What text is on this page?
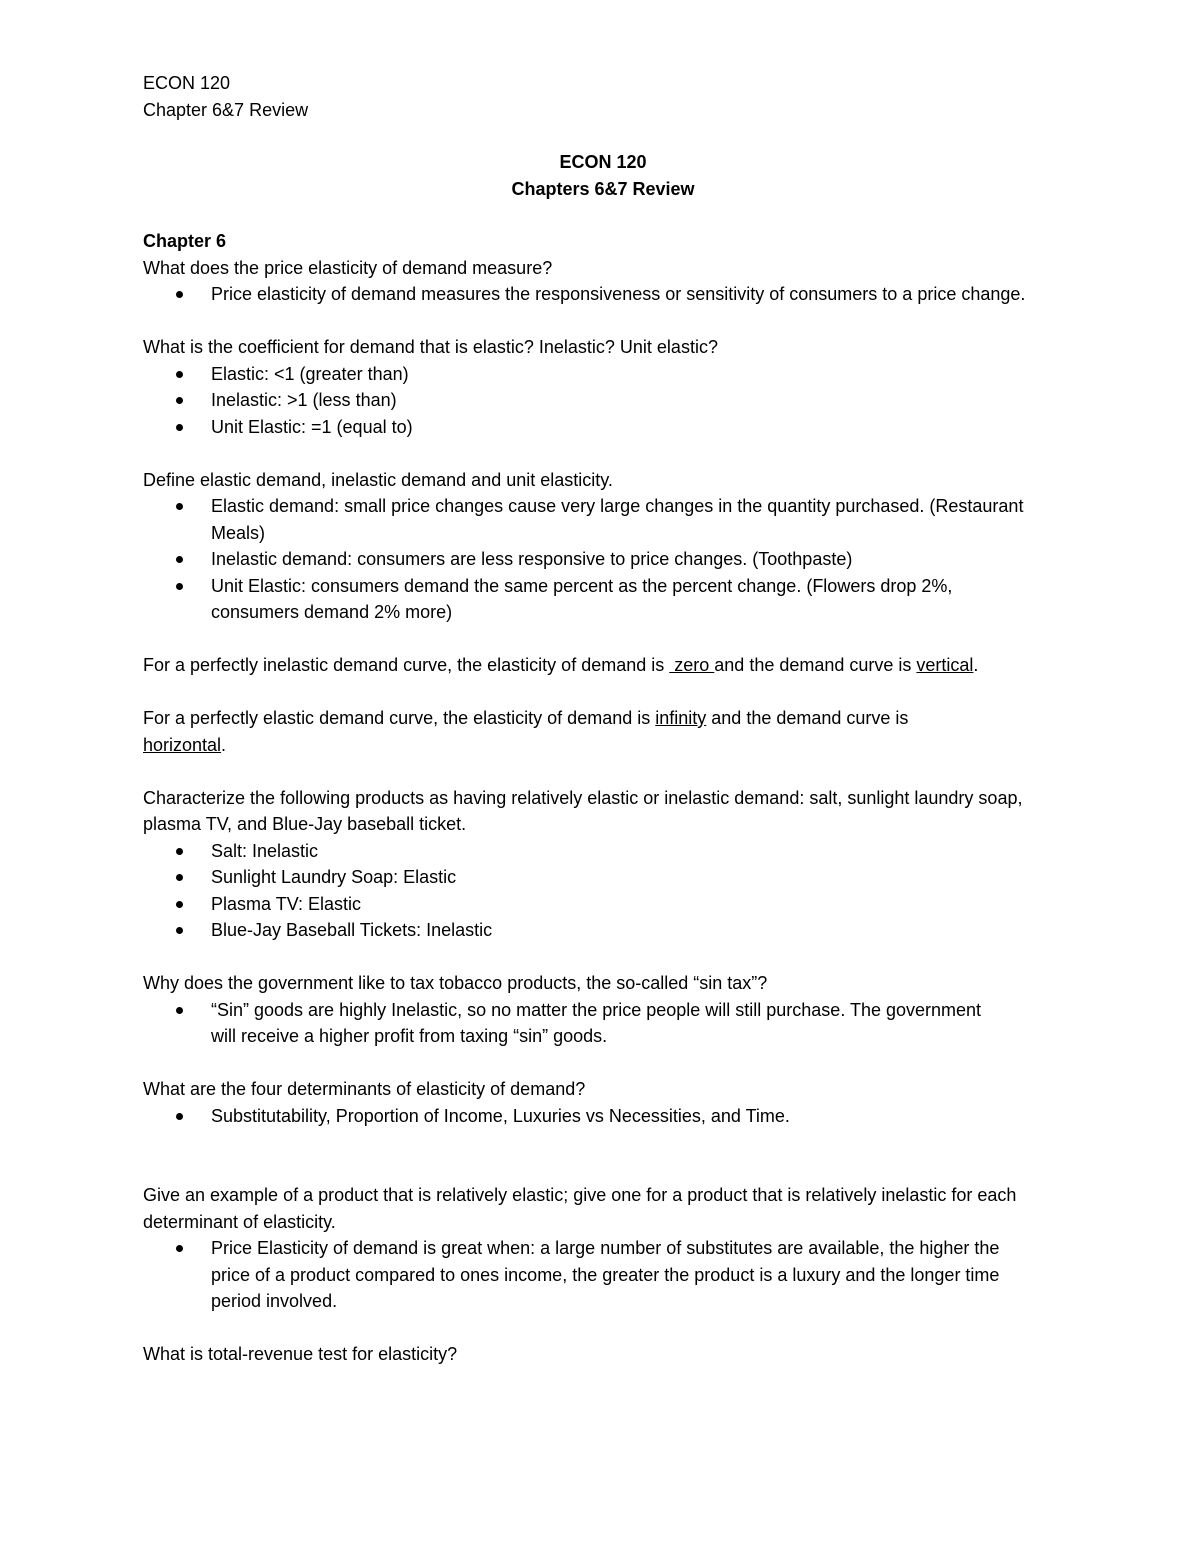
ECON 120
Chapter 6&7 Review
ECON 120
Chapters 6&7 Review
Chapter 6
What does the price elasticity of demand measure?
Price elasticity of demand measures the responsiveness or sensitivity of consumers to a price change.
What is the coefficient for demand that is elastic? Inelastic? Unit elastic?
Elastic: <1 (greater than)
Inelastic: >1 (less than)
Unit Elastic: =1 (equal to)
Define elastic demand, inelastic demand and unit elasticity.
Elastic demand: small price changes cause very large changes in the quantity purchased. (Restaurant Meals)
Inelastic demand: consumers are less responsive to price changes. (Toothpaste)
Unit Elastic: consumers demand the same percent as the percent change. (Flowers drop 2%, consumers demand 2% more)
For a perfectly inelastic demand curve, the elasticity of demand is  zero and the demand curve is vertical.
For a perfectly elastic demand curve, the elasticity of demand is infinity and the demand curve is
horizontal.
Characterize the following products as having relatively elastic or inelastic demand: salt, sunlight laundry soap, plasma TV, and Blue-Jay baseball ticket.
Salt: Inelastic
Sunlight Laundry Soap: Elastic
Plasma TV: Elastic
Blue-Jay Baseball Tickets: Inelastic
Why does the government like to tax tobacco products, the so-called “sin tax”?
“Sin” goods are highly Inelastic, so no matter the price people will still purchase. The government will receive a higher profit from taxing “sin” goods.
What are the four determinants of elasticity of demand?
Substitutability, Proportion of Income, Luxuries vs Necessities, and Time.
Give an example of a product that is relatively elastic; give one for a product that is relatively inelastic for each determinant of elasticity.
Price Elasticity of demand is great when: a large number of substitutes are available, the higher the price of a product compared to ones income, the greater the product is a luxury and the longer time period involved.
What is total-revenue test for elasticity?
